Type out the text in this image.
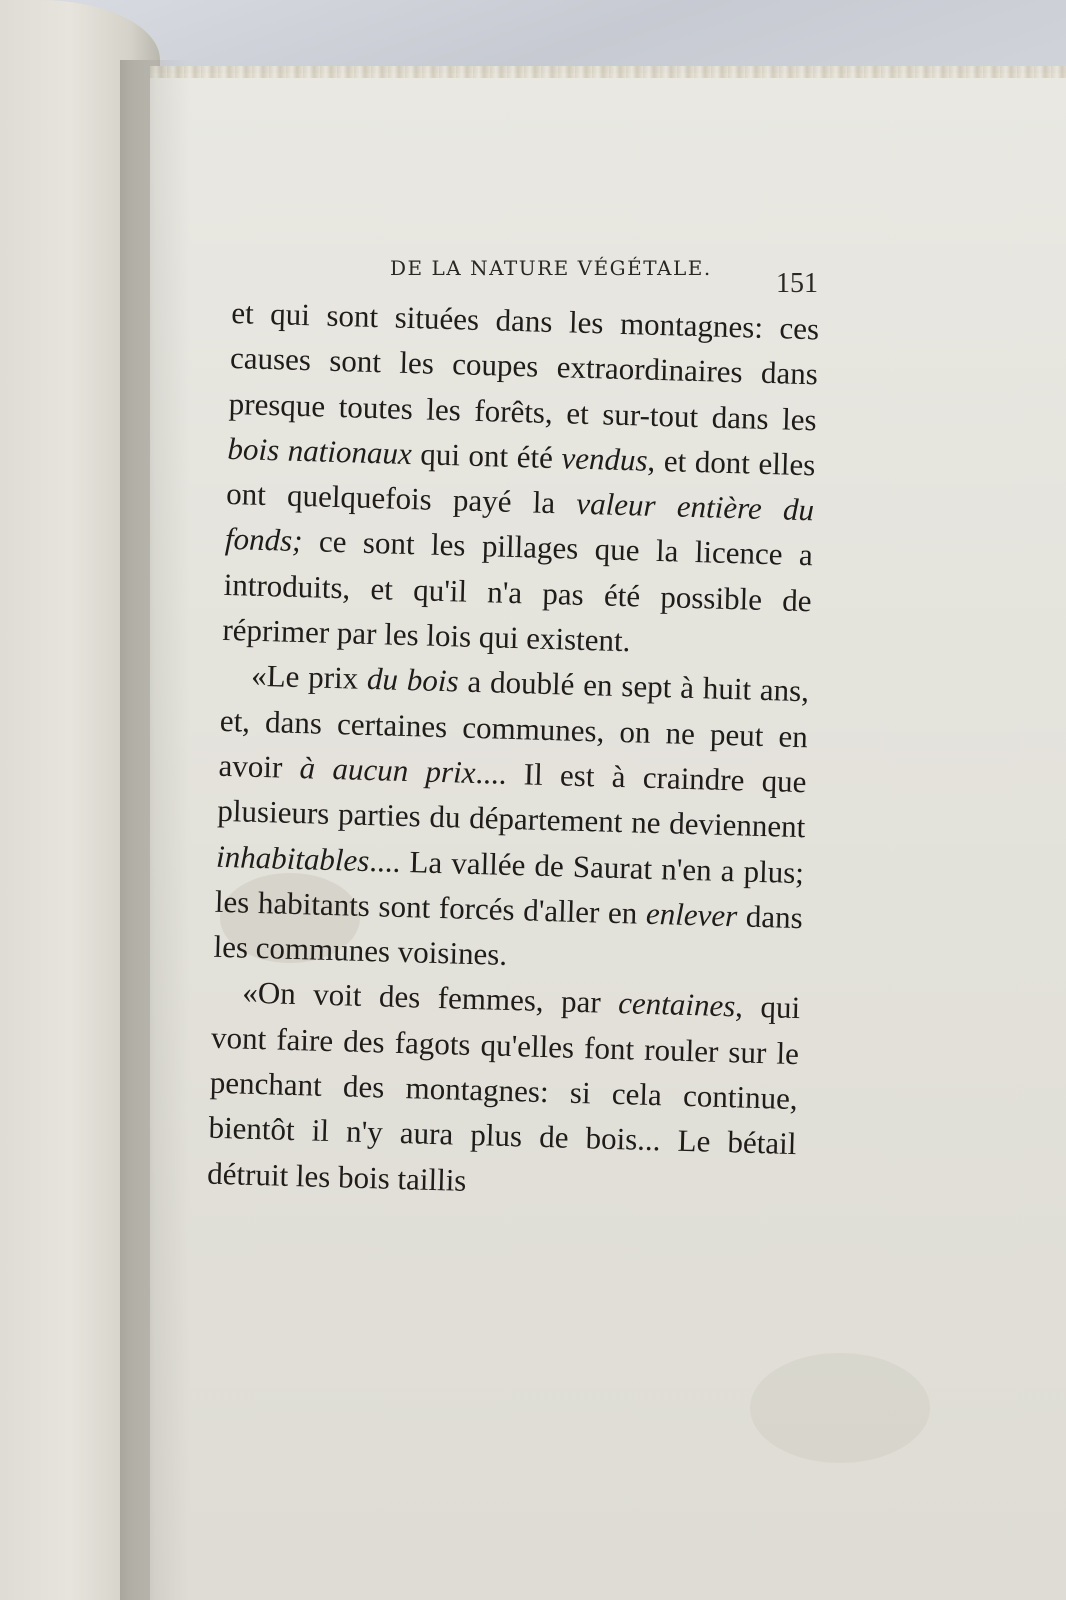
DE LA NATURE VÉGÉTALE. 151

et qui sont situées dans les montagnes: ces causes sont les coupes extraordinaires dans presque toutes les forêts, et sur-tout dans les bois nationaux qui ont été vendus, et dont elles ont quelquefois payé la valeur entière du fonds; ce sont les pillages que la licence a introduits, et qu'il n'a pas été possible de réprimer par les lois qui existent.

«Le prix du bois a doublé en sept à huit ans, et, dans certaines communes, on ne peut en avoir à aucun prix.... Il est à craindre que plusieurs parties du département ne deviennent inhabitables.... La vallée de Saurat n'en a plus; les habitants sont forcés d'aller en enlever dans les communes voisines.

«On voit des femmes, par centaines, qui vont faire des fagots qu'elles font rouler sur le penchant des montagnes: si cela continue, bientôt il n'y aura plus de bois... Le bétail détruit les bois taillis
